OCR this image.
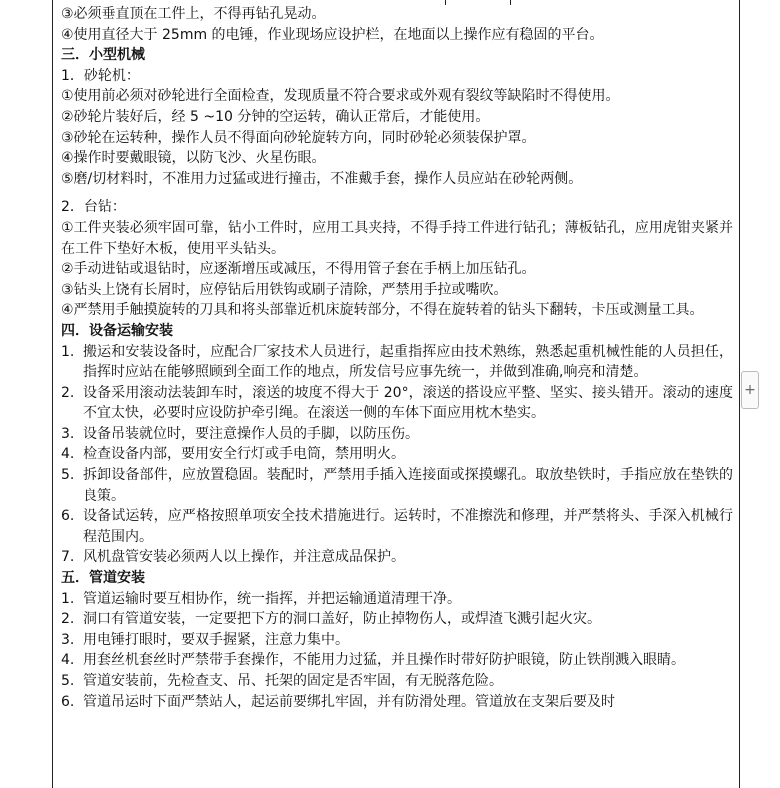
③必须垂直顶在工件上，不得再钻孔晃动。

④使用直径大于 25mm 的电锤，作业现场应设护栏，在地面以上操作应有稳固的平台。

三．小型机械

1．砂轮机：

①使用前必须对砂轮进行全面检查，发现质量不符合要求或外观有裂纹等缺陷时不得使用。

②砂轮片装好后，经 5 ~10 分钟的空运转，确认正常后，才能使用。

③砂轮在运转种，操作人员不得面向砂轮旋转方向，同时砂轮必须装保护罩。

④操作时要戴眼镜，以防飞沙、火星伤眼。

⑤磨/切材料时，不准用力过猛或进行撞击，不准戴手套，操作人员应站在砂轮两侧。

2．台钻：

①工件夹装必须牢固可靠，钻小工件时，应用工具夹持，不得手持工件进行钻孔；薄板钻孔，应用虎钳夹紧并在工件下垫好木板，使用平头钻头。

②手动进钻或退钻时，应逐渐增压或减压，不得用管子套在手柄上加压钻孔。

③钻头上饶有长屑时，应停钻后用铁钩或刷子清除，严禁用手拉或嘴吹。

④严禁用手触摸旋转的刀具和将头部靠近机床旋转部分，不得在旋转着的钻头下翻转，卡压或测量工具。

四．设备运输安装

1. 搬运和安装设备时，应配合厂家技术人员进行，起重指挥应由技术熟练，熟悉起重机械性能的人员担任，指挥时应站在能够照顾到全面工作的地点，所发信号应事先统一，并做到准确,响亮和清楚。
2. 设备采用滚动法装卸车时，滚送的坡度不得大于 20°，滚送的搭设应平整、坚实、接头错开。滚动的速度不宜太快，必要时应设防护牵引绳。在滚送一侧的车体下面应用枕木垫实。
3. 设备吊装就位时，要注意操作人员的手脚，以防压伤。
4. 检查设备内部，要用安全行灯或手电筒，禁用明火。
5. 拆卸设备部件，应放置稳固。装配时，严禁用手插入连接面或探摸螺孔。取放垫铁时，手指应放在垫铁的良策。
6. 设备试运转，应严格按照单项安全技术措施进行。运转时，不准擦洗和修理，并严禁将头、手深入机械行程范围内。
7. 风机盘管安装必须两人以上操作，并注意成品保护。

五．管道安装

1. 管道运输时要互相协作，统一指挥，并把运输通道清理干净。
2. 洞口有管道安装，一定要把下方的洞口盖好，防止掉物伤人，或焊渣飞溅引起火灾。
3. 用电锤打眼时，要双手握紧，注意力集中。
4. 用套丝机套丝时严禁带手套操作，不能用力过猛，并且操作时带好防护眼镜，防止铁削溅入眼睛。
5. 管道安装前，先检查支、吊、托架的固定是否牢固，有无脱落危险。
6. 管道吊运时下面严禁站人，起运前要绑扎牢固，并有防滑处理。管道放在支架后要及时
+
